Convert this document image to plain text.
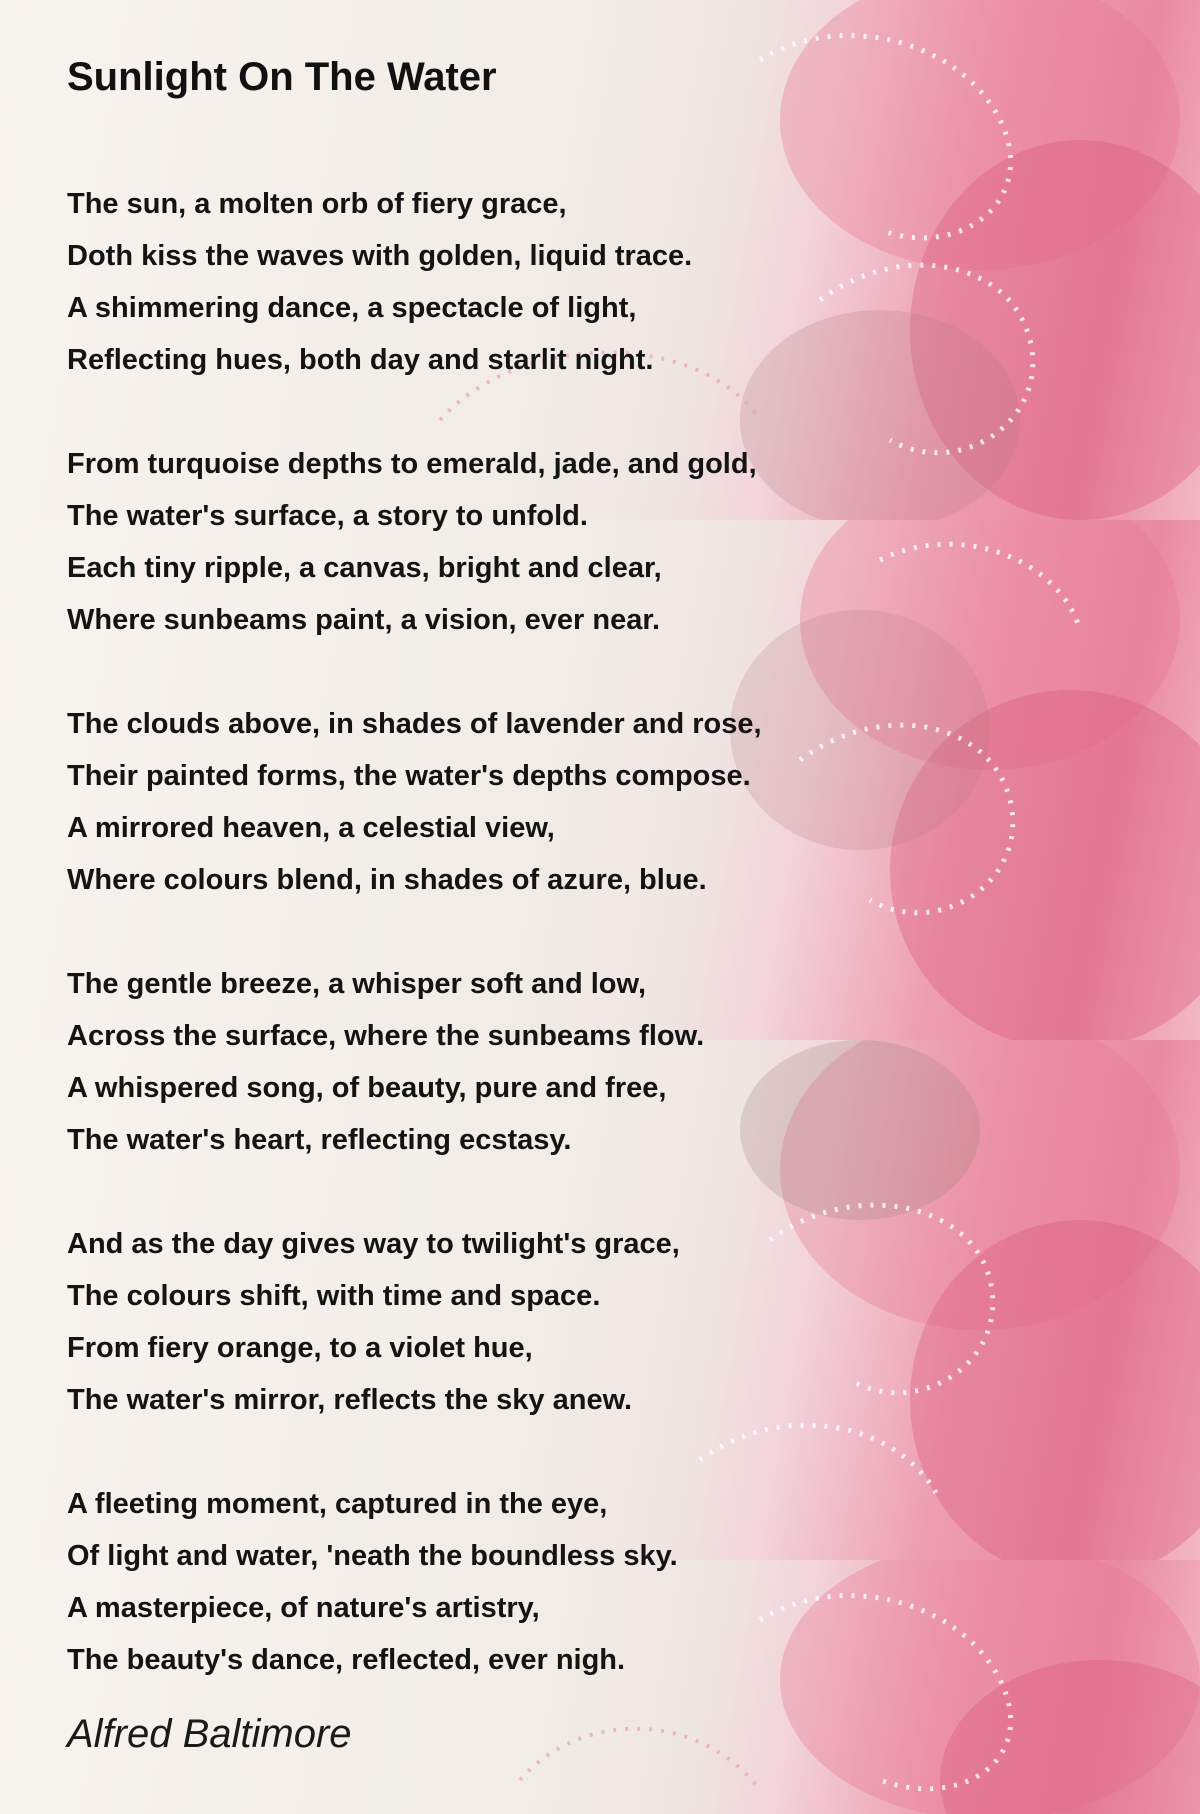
Sunlight On The Water
The sun, a molten orb of fiery grace,
Doth kiss the waves with golden, liquid trace.
A shimmering dance, a spectacle of light,
Reflecting hues, both day and starlit night.
From turquoise depths to emerald, jade, and gold,
The water's surface, a story to unfold.
Each tiny ripple, a canvas, bright and clear,
Where sunbeams paint, a vision, ever near.
The clouds above, in shades of lavender and rose,
Their painted forms, the water's depths compose.
A mirrored heaven, a celestial view,
Where colours blend, in shades of azure, blue.
The gentle breeze, a whisper soft and low,
Across the surface, where the sunbeams flow.
A whispered song, of beauty, pure and free,
The water's heart, reflecting ecstasy.
And as the day gives way to twilight's grace,
The colours shift, with time and space.
From fiery orange, to a violet hue,
The water's mirror, reflects the sky anew.
A fleeting moment, captured in the eye,
Of light and water, 'neath the boundless sky.
A masterpiece, of nature's artistry,
The beauty's dance, reflected, ever nigh.
Alfred Baltimore
